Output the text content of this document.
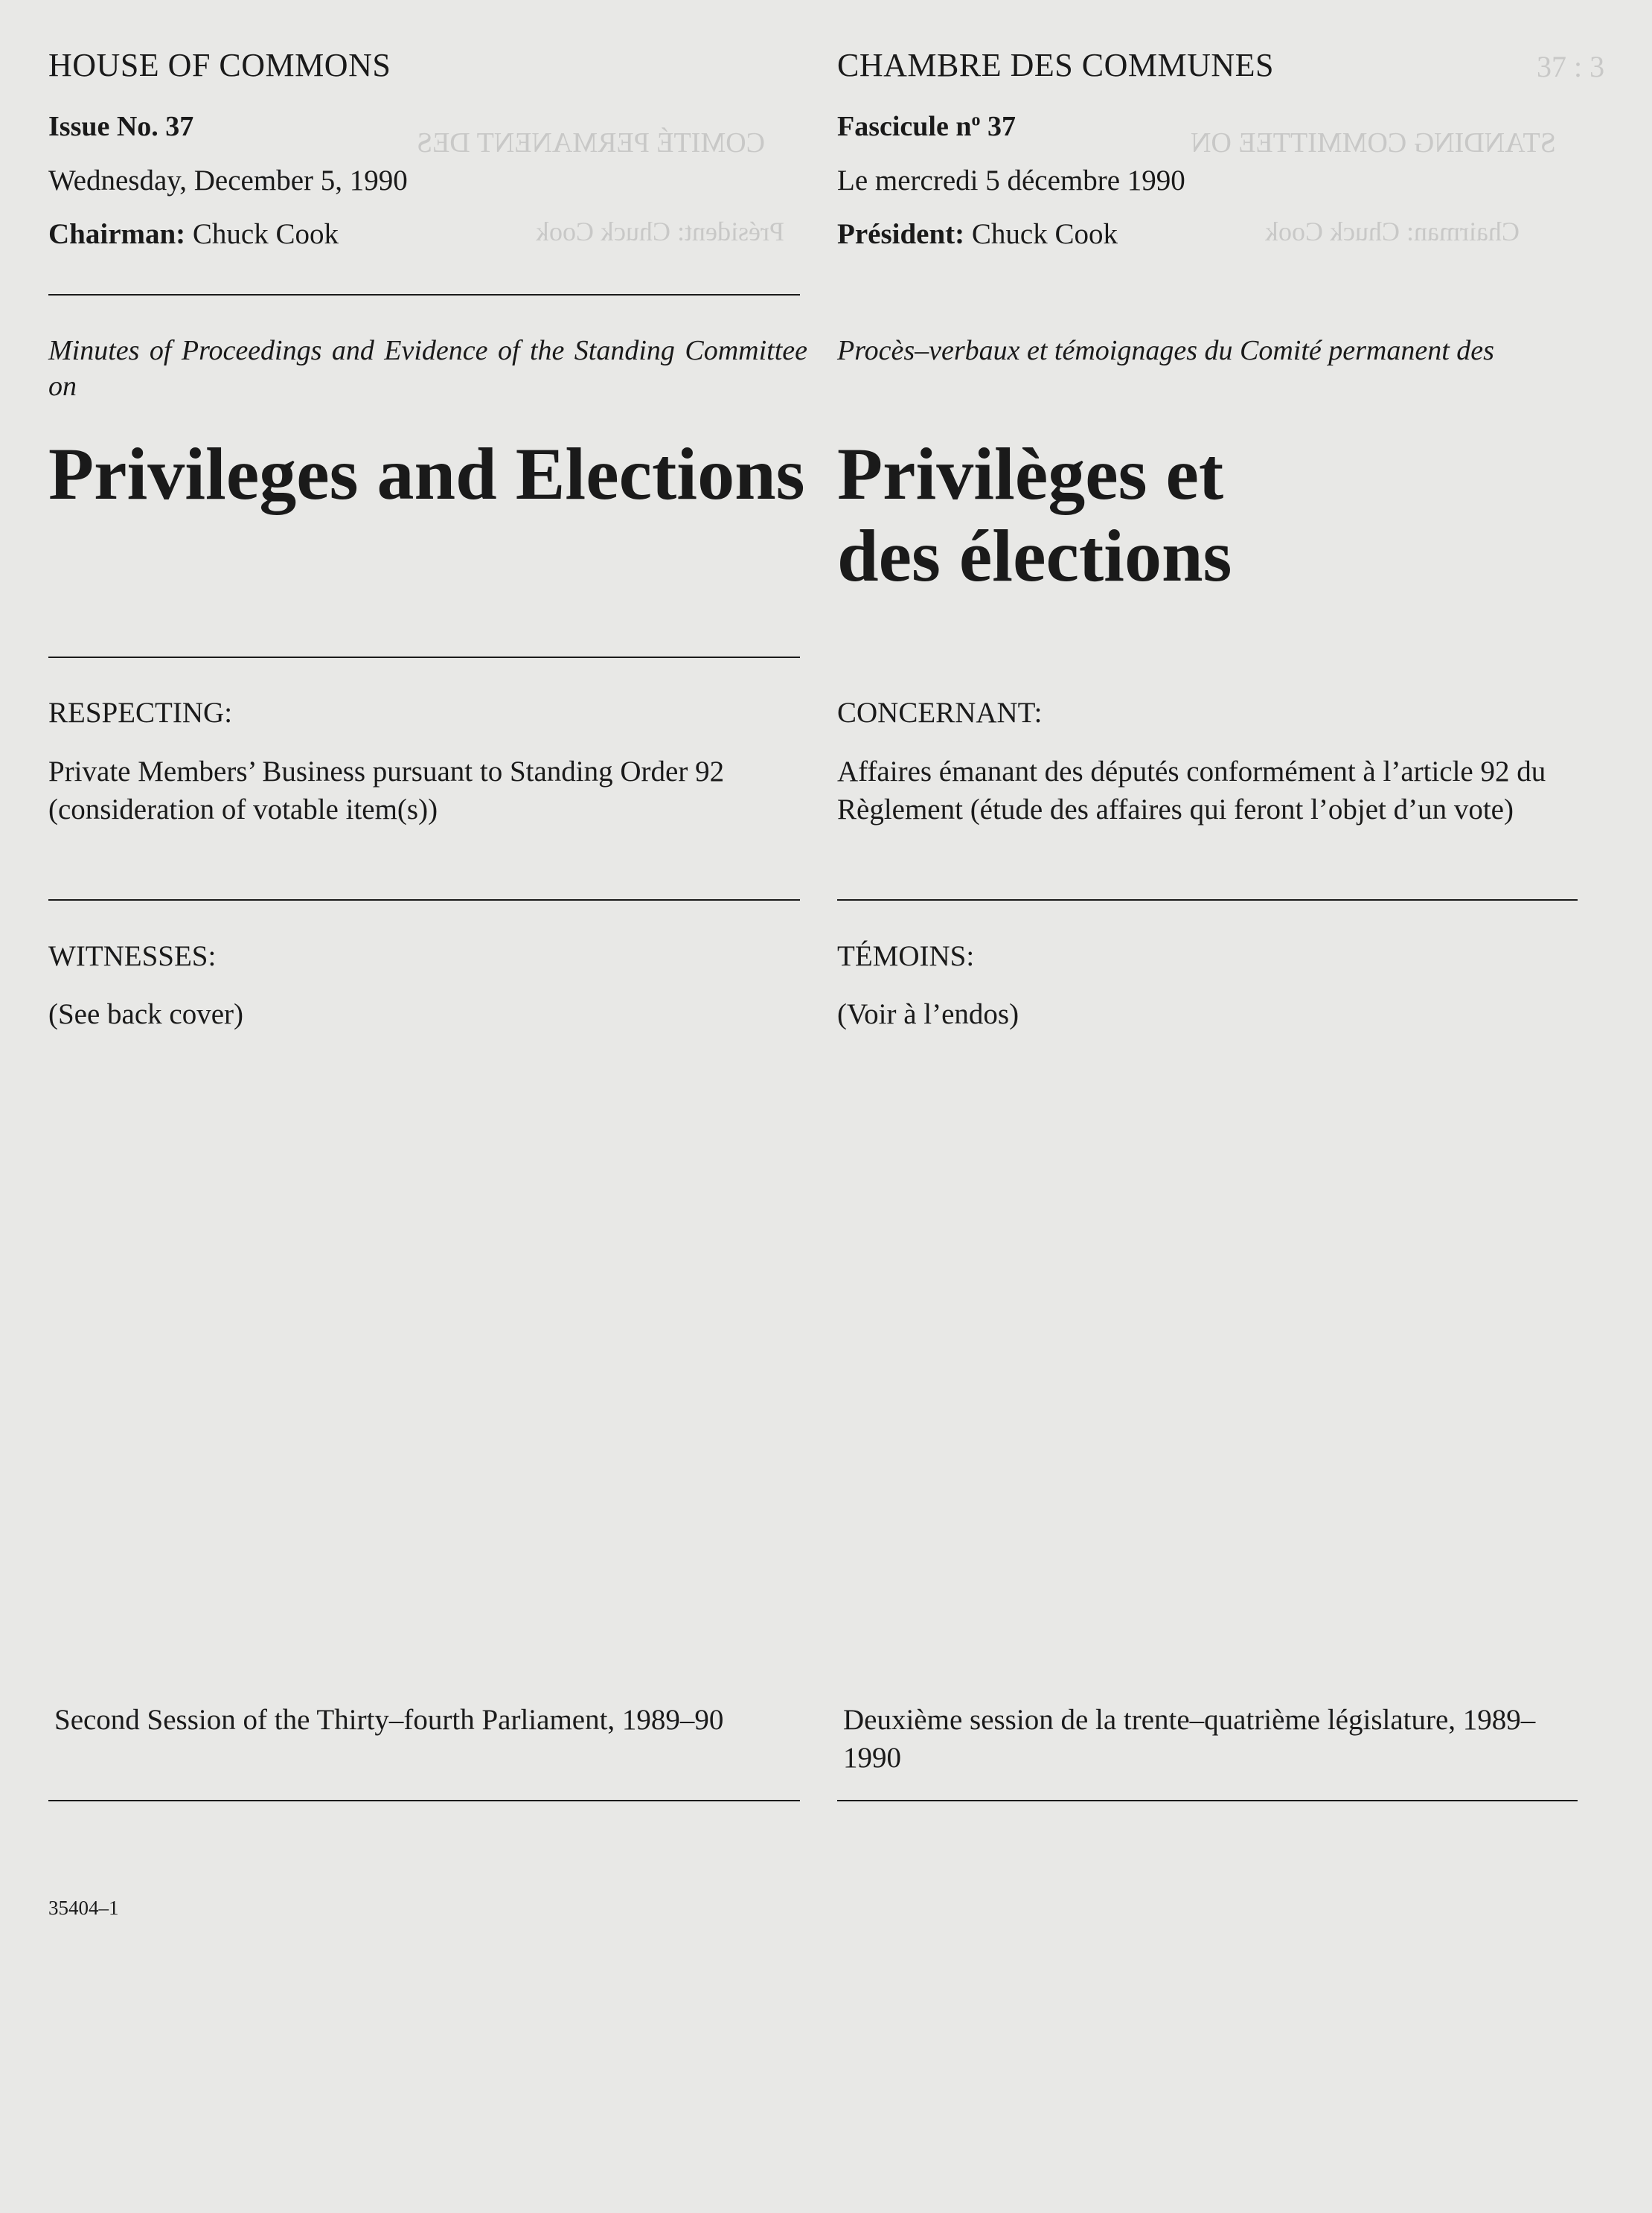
37 : 3
COMITÉ PERMANENT DES	STANDING COMMITTEE ON
Président: Chuck Cook	Chairman: Chuck Cook
HOUSE OF COMMONS
Issue No. 37
Wednesday, December 5, 1990
Chairman: Chuck Cook
Minutes of Proceedings and Evidence of the Standing Committee on
Privileges and Elections
RESPECTING:
Private Members’ Business pursuant to Standing Order 92 (consideration of votable item(s))
WITNESSES:
(See back cover)
Second Session of the Thirty–fourth Parliament, 1989–90
35404–1
CHAMBRE DES COMMUNES
Fascicule $n^o$ 37
Le mercredi 5 décembre 1990
Président: Chuck Cook
Procès–verbaux et témoignages du Comité permanent des
Privilèges et des élections
CONCERNANT:
Affaires émanant des députés conformément à l’article 92 du Règlement (étude des affaires qui feront l’objet d’un vote)
TÉMOINS:
(Voir à l’endos)
Deuxième session de la trente–quatrième législature, 1989–1990
